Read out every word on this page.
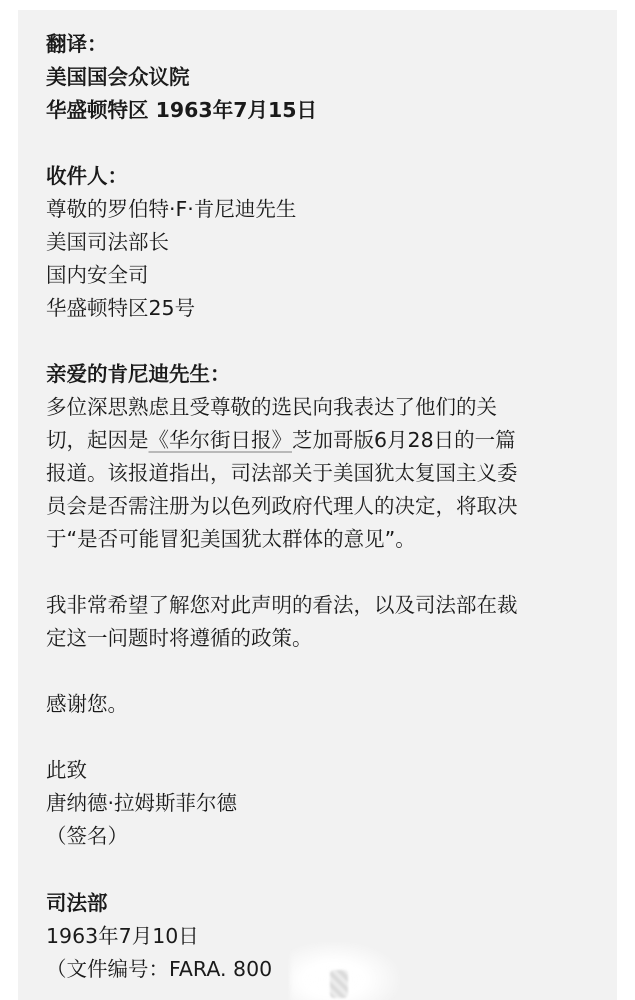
翻译：
美国国会众议院
华盛顿特区 1963年7月15日
收件人：
尊敬的罗伯特·F·肯尼迪先生
美国司法部长
国内安全司
华盛顿特区25号
亲爱的肯尼迪先生：
多位深思熟虑且受尊敬的选民向我表达了他们的关
切，起因是《华尔街日报》芝加哥版6月28日的一篇
报道。该报道指出，司法部关于美国犹太复国主义委
员会是否需注册为以色列政府代理人的决定，将取决
于“是否可能冒犯美国犹太群体的意见”。
我非常希望了解您对此声明的看法，以及司法部在裁
定这一问题时将遵循的政策。
感谢您。
此致
唐纳德·拉姆斯菲尔德
（签名）
司法部
1963年7月10日
（文件编号：FARA. 800
